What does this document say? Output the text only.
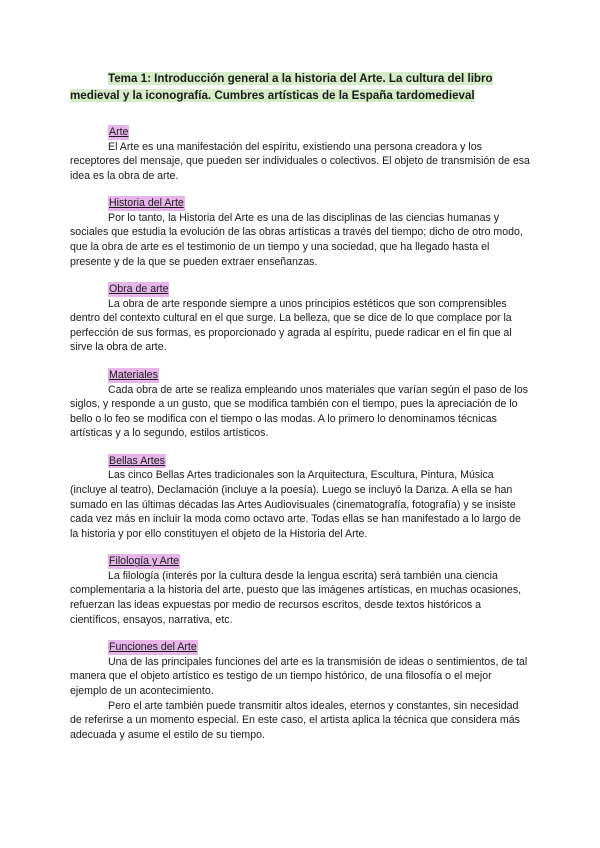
Tema 1: Introducción general a la historia del Arte. La cultura del libro medieval y la iconografía. Cumbres artísticas de la España tardomedieval

Arte

El Arte es una manifestación del espíritu, existiendo una persona creadora y los receptores del mensaje, que pueden ser individuales o colectivos. El objeto de transmisión de esa idea es la obra de arte.

Historia del Arte

Por lo tanto, la Historia del Arte es una de las disciplinas de las ciencias humanas y sociales que estudia la evolución de las obras artísticas a través del tiempo; dicho de otro modo, que la obra de arte es el testimonio de un tiempo y una sociedad, que ha llegado hasta el presente y de la que se pueden extraer enseñanzas.

Obra de arte

La obra de arte responde siempre a unos principios estéticos que son comprensibles dentro del contexto cultural en el que surge. La belleza, que se dice de lo que complace por la perfección de sus formas, es proporcionado y agrada al espíritu, puede radicar en el fin que al sirve la obra de arte.

Materiales

Cada obra de arte se realiza empleando unos materiales que varían según el paso de los siglos, y responde a un gusto, que se modifica también con el tiempo, pues la apreciación de lo bello o lo feo se modifica con el tiempo o las modas. A lo primero lo denominamos técnicas artísticas y a lo segundo, estilos artísticos.

Bellas Artes

Las cinco Bellas Artes tradicionales son la Arquitectura, Escultura, Pintura, Música (incluye al teatro), Declamación (incluye a la poesía). Luego se incluyó la Danza. A ella se han sumado en las últimas décadas las Artes Audiovisuales (cinematografía, fotografía) y se insiste cada vez más en incluir la moda como octavo arte. Todas ellas se han manifestado a lo largo de la historia y por ello constituyen el objeto de la Historia del Arte.

Filología y Arte

La filología (interés por la cultura desde la lengua escrita) será también una ciencia complementaria a la historia del arte, puesto que las imágenes artísticas, en muchas ocasiones, refuerzan las ideas expuestas por medio de recursos escritos, desde textos históricos a científicos, ensayos, narrativa, etc.

Funciones del Arte

Una de las principales funciones del arte es la transmisión de ideas o sentimientos, de tal manera que el objeto artístico es testigo de un tiempo histórico, de una filosofía o el mejor ejemplo de un acontecimiento.

Pero el arte también puede transmitir altos ideales, eternos y constantes, sin necesidad de referirse a un momento especial. En este caso, el artista aplica la técnica que considera más adecuada y asume el estilo de su tiempo.
